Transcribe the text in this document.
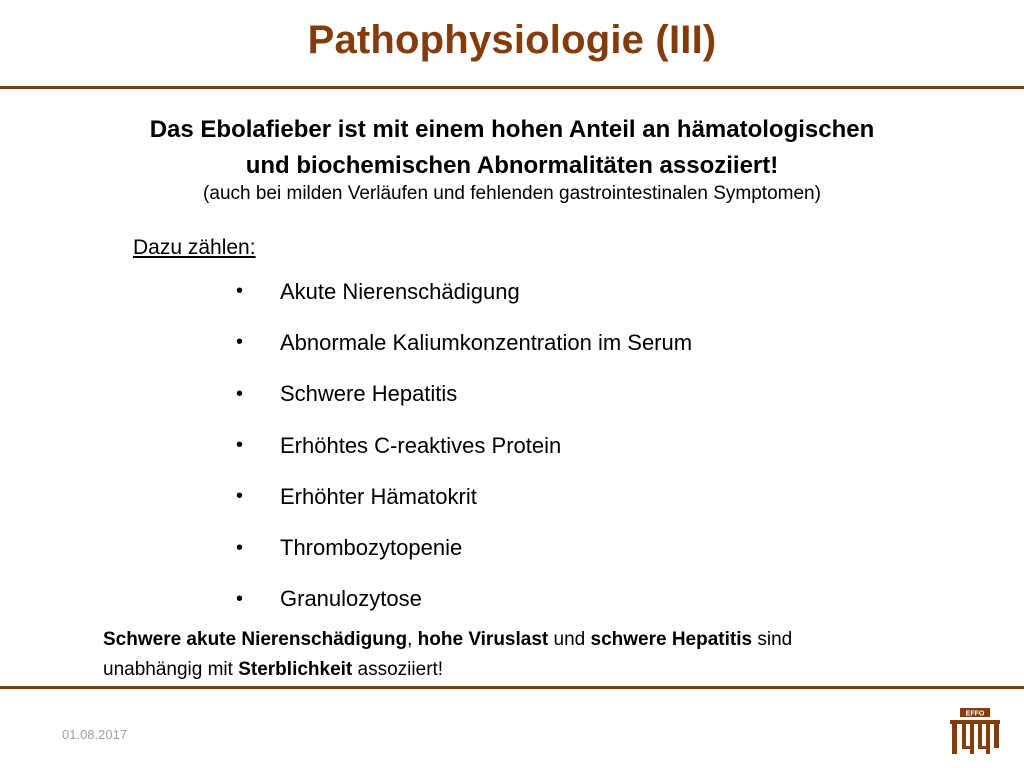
Pathophysiologie (III)
Das Ebolafieber ist mit einem hohen Anteil an hämatologischen
und biochemischen Abnormalitäten assoziiert!
(auch bei milden Verläufen und fehlenden gastrointestinalen Symptomen)
Dazu zählen:
•	Akute Nierenschädigung
•	Abnormale Kaliumkonzentration im Serum
•	Schwere Hepatitis
•	Erhöhtes C-reaktives Protein
•	Erhöhter Hämatokrit
•	Thrombozytopenie
•	Granulozytose
Schwere akute Nierenschädigung, hohe Viruslast und schwere Hepatitis sind
unabhängig mit Sterblichkeit assoziiert!
01.08.2017
EFFO
